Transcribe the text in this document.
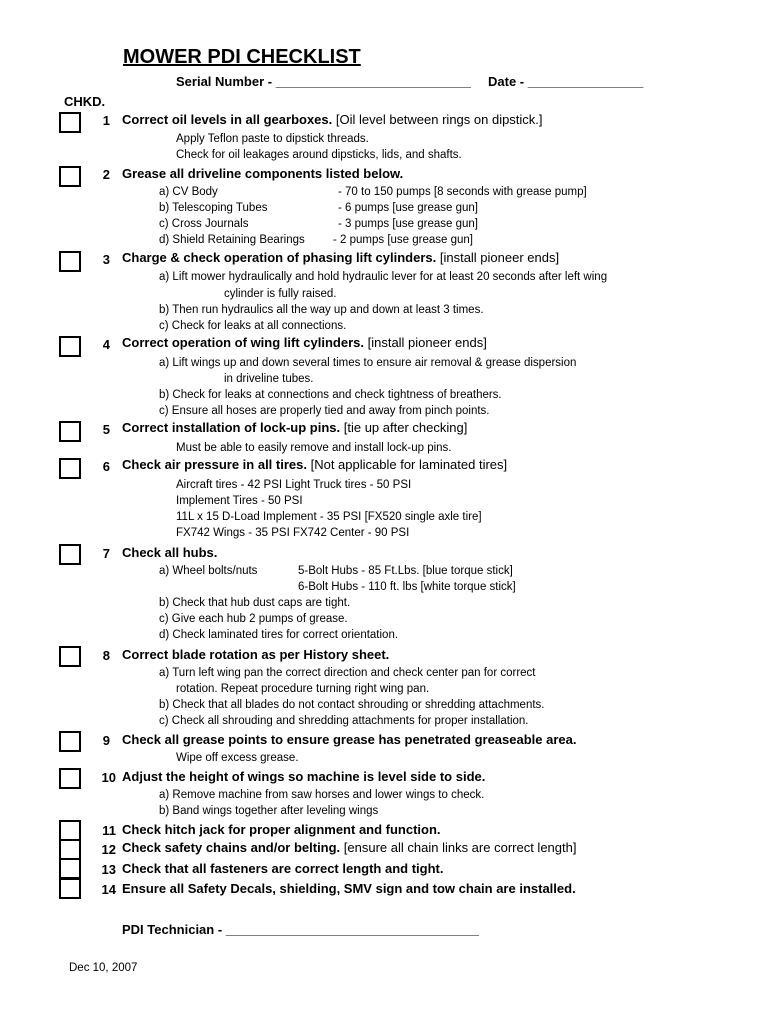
MOWER PDI CHECKLIST
Serial Number - ___________________________ Date - ________________
CHKD.
1 Correct oil levels in all gearboxes. [Oil level between rings on dipstick.]
Apply Teflon paste to dipstick threads.
Check for oil leakages around dipsticks, lids, and shafts.
2 Grease all driveline components listed below.
a) CV Body	- 70 to 150 pumps [8 seconds with grease pump]
b) Telescoping Tubes	- 6 pumps [use grease gun]
c) Cross Journals	- 3 pumps [use grease gun]
d) Shield Retaining Bearings - 2 pumps [use grease gun]
3 Charge & check operation of phasing lift cylinders. [install pioneer ends]
a) Lift mower hydraulically and hold hydraulic lever for at least 20 seconds after left wing
cylinder is fully raised.
b) Then run hydraulics all the way up and down at least 3 times.
c) Check for leaks at all connections.
4 Correct operation of wing lift cylinders. [install pioneer ends]
a) Lift wings up and down several times to ensure air removal & grease dispersion
in driveline tubes.
b) Check for leaks at connections and check tightness of breathers.
c) Ensure all hoses are properly tied and away from pinch points.
5 Correct installation of lock-up pins. [tie up after checking]
Must be able to easily remove and install lock-up pins.
6 Check air pressure in all tires. [Not applicable for laminated tires]
Aircraft tires - 42 PSI Light Truck tires - 50 PSI
Implement Tires - 50 PSI
11L x 15 D-Load Implement - 35 PSI [FX520 single axle tire]
FX742 Wings - 35 PSI FX742 Center - 90 PSI
7 Check all hubs.
a) Wheel bolts/nuts	5-Bolt Hubs - 85 Ft.Lbs. [blue torque stick]
6-Bolt Hubs - 110 ft. lbs [white torque stick]
b) Check that hub dust caps are tight.
c) Give each hub 2 pumps of grease.
d) Check laminated tires for correct orientation.
8 Correct blade rotation as per History sheet.
a) Turn left wing pan the correct direction and check center pan for correct
rotation. Repeat procedure turning right wing pan.
b) Check that all blades do not contact shrouding or shredding attachments.
c) Check all shrouding and shredding attachments for proper installation.
9 Check all grease points to ensure grease has penetrated greaseable area.
Wipe off excess grease.
10 Adjust the height of wings so machine is level side to side.
a) Remove machine from saw horses and lower wings to check.
b) Band wings together after leveling wings
11 Check hitch jack for proper alignment and function.
12 Check safety chains and/or belting. [ensure all chain links are correct length]
13 Check that all fasteners are correct length and tight.
14 Ensure all Safety Decals, shielding, SMV sign and tow chain are installed.
PDI Technician - ___________________________________
Dec 10, 2007
